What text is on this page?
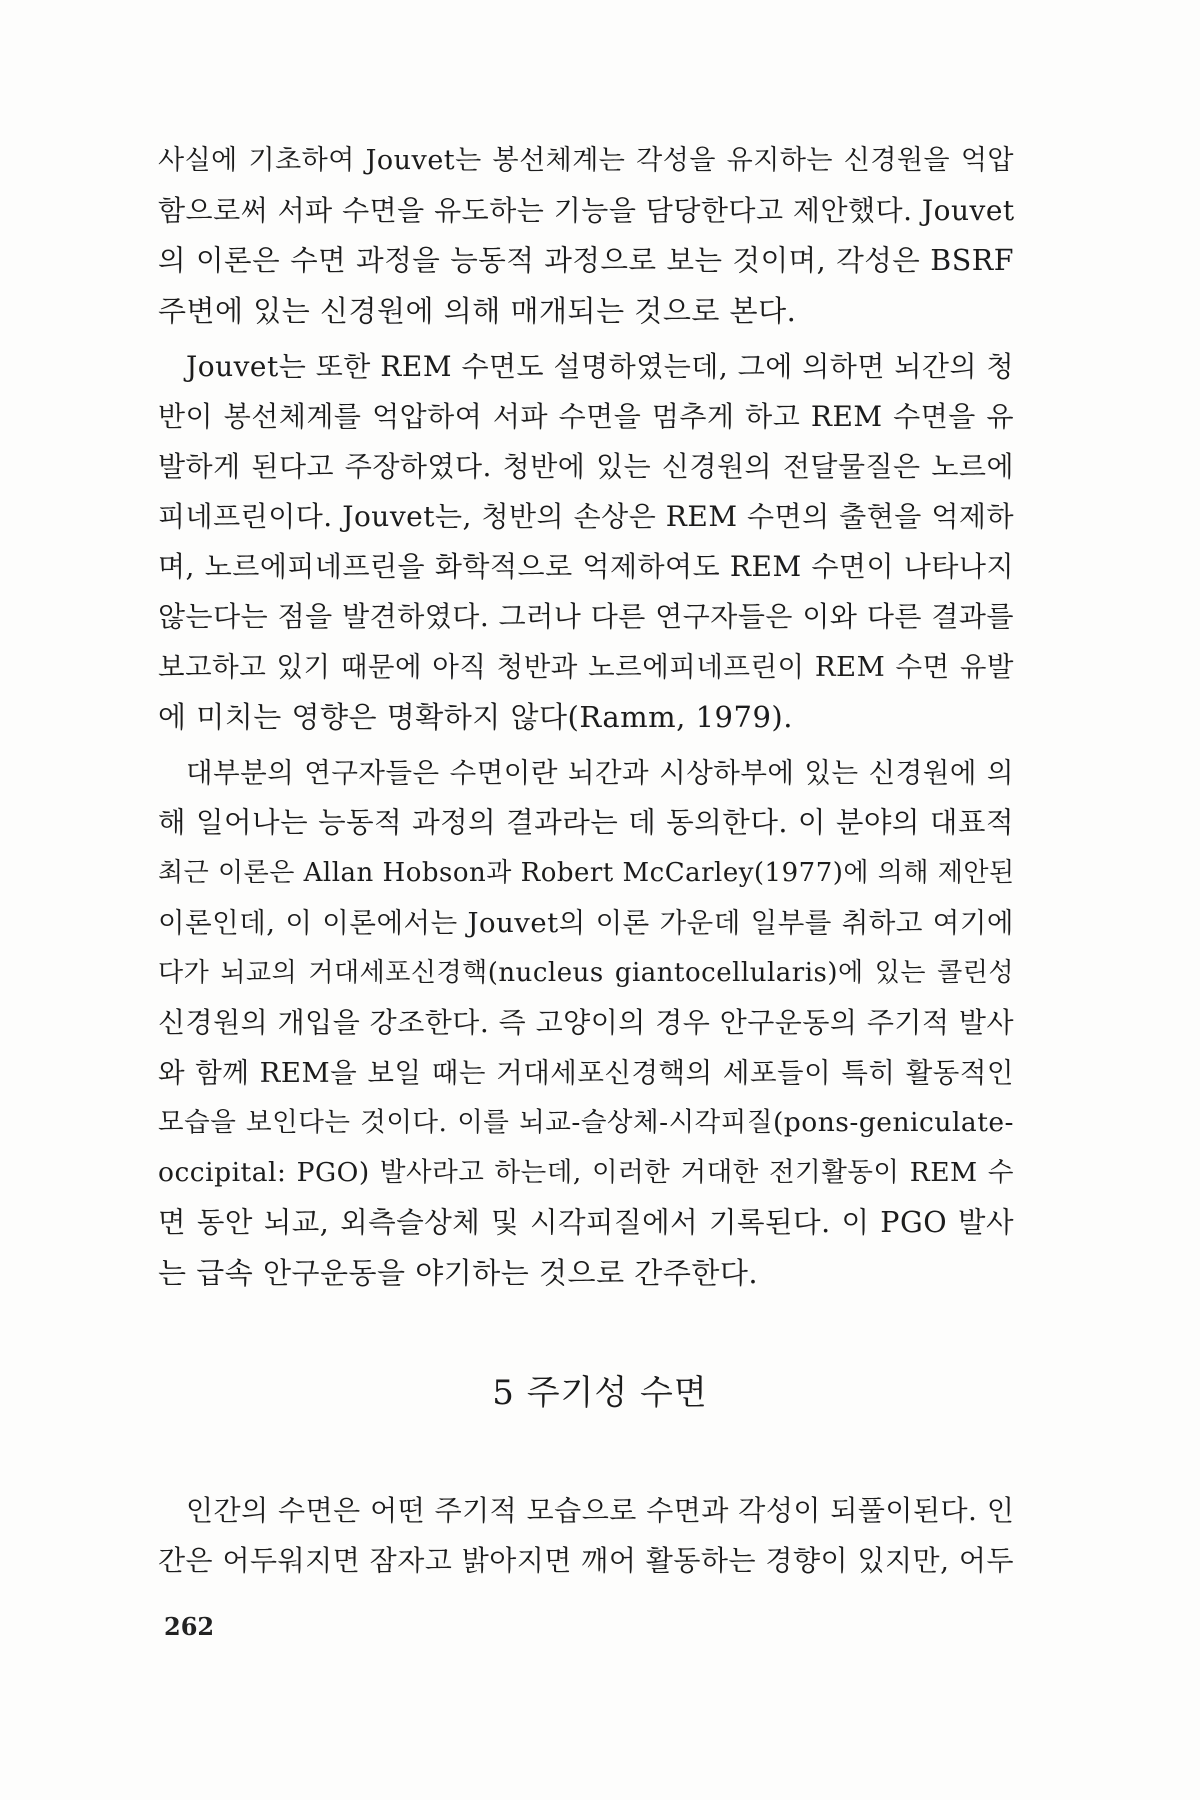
사실에 기초하여 Jouvet는 봉선체계는 각성을 유지하는 신경원을 억압
함으로써 서파 수면을 유도하는 기능을 담당한다고 제안했다. Jouvet
의 이론은 수면 과정을 능동적 과정으로 보는 것이며, 각성은 BSRF
주변에 있는 신경원에 의해 매개되는 것으로 본다.
Jouvet는 또한 REM 수면도 설명하였는데, 그에 의하면 뇌간의 청
반이 봉선체계를 억압하여 서파 수면을 멈추게 하고 REM 수면을 유
발하게 된다고 주장하였다. 청반에 있는 신경원의 전달물질은 노르에
피네프린이다. Jouvet는, 청반의 손상은 REM 수면의 출현을 억제하
며, 노르에피네프린을 화학적으로 억제하여도 REM 수면이 나타나지
않는다는 점을 발견하였다. 그러나 다른 연구자들은 이와 다른 결과를
보고하고 있기 때문에 아직 청반과 노르에피네프린이 REM 수면 유발
에 미치는 영향은 명확하지 않다(Ramm, 1979).
대부분의 연구자들은 수면이란 뇌간과 시상하부에 있는 신경원에 의
해 일어나는 능동적 과정의 결과라는 데 동의한다. 이 분야의 대표적
최근 이론은 Allan Hobson과 Robert McCarley(1977)에 의해 제안된
이론인데, 이 이론에서는 Jouvet의 이론 가운데 일부를 취하고 여기에
다가 뇌교의 거대세포신경핵(nucleus giantocellularis)에 있는 콜린성
신경원의 개입을 강조한다. 즉 고양이의 경우 안구운동의 주기적 발사
와 함께 REM을 보일 때는 거대세포신경핵의 세포들이 특히 활동적인
모습을 보인다는 것이다. 이를 뇌교-슬상체-시각피질(pons-geniculate-
occipital: PGO) 발사라고 하는데, 이러한 거대한 전기활동이 REM 수
면 동안 뇌교, 외측슬상체 및 시각피질에서 기록된다. 이 PGO 발사
는 급속 안구운동을 야기하는 것으로 간주한다.
5 주기성 수면
인간의 수면은 어떤 주기적 모습으로 수면과 각성이 되풀이된다. 인
간은 어두워지면 잠자고 밝아지면 깨어 활동하는 경향이 있지만, 어두
262
